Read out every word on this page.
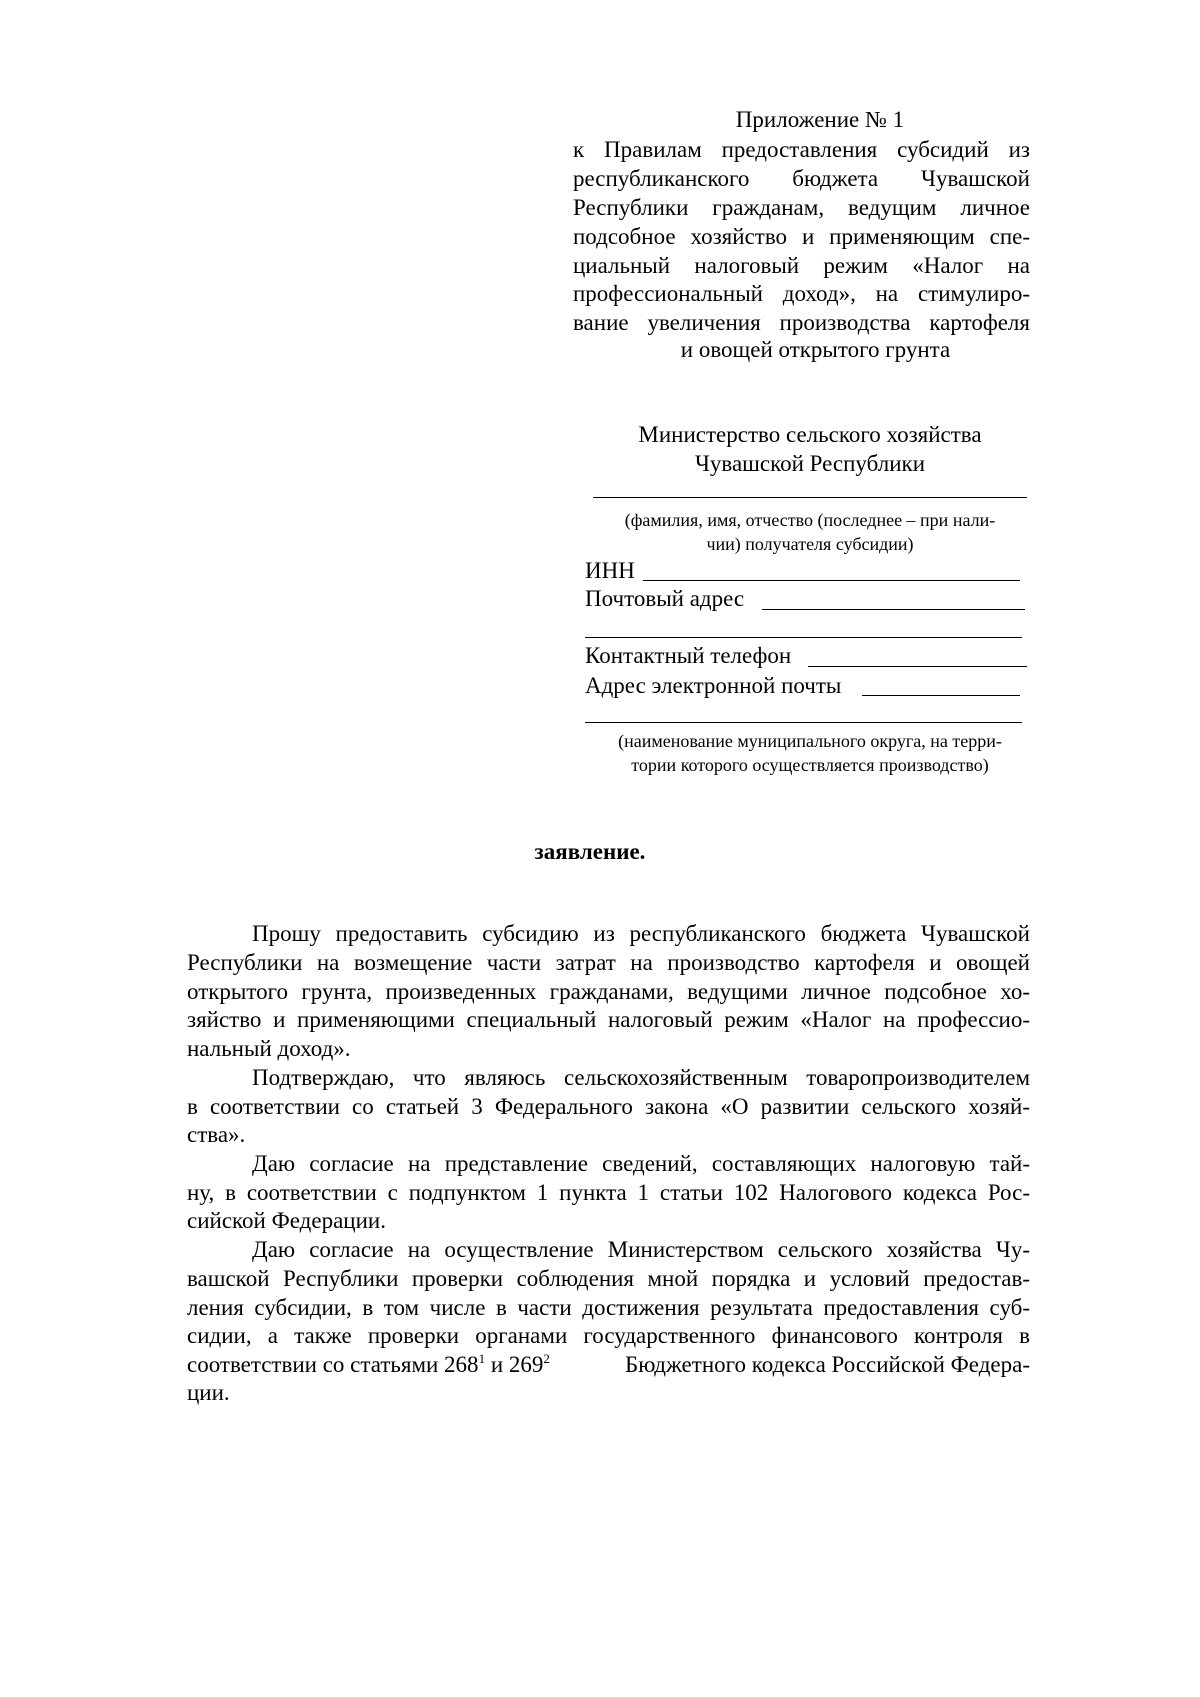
Приложение № 1
к Правилам предоставления субсидий из
республиканского бюджета Чувашской
Республики гражданам, ведущим личное
подсобное хозяйство и применяющим спе-
циальный налоговый режим «Налог на
профессиональный доход», на стимулиро-
вание увеличения производства картофеля
и овощей открытого грунта
Министерство сельского хозяйства
Чувашской Республики
(фамилия, имя, отчество (последнее – при нали-
чии) получателя субсидии)
ИНН
Почтовый адрес
Контактный телефон
Адрес электронной почты
(наименование муниципального округа, на терри-
тории которого осуществляется производство)
заявление.
Прошу предоставить субсидию из республиканского бюджета Чувашской
Республики на возмещение части затрат на производство картофеля и овощей
открытого грунта, произведенных гражданами, ведущими личное подсобное хо-
зяйство и применяющими специальный налоговый режим «Налог на профессио-
нальный доход».
Подтверждаю, что являюсь сельскохозяйственным товаропроизводителем
в соответствии со статьей 3 Федерального закона «О развитии сельского хозяй-
ства».
Даю согласие на представление сведений, составляющих налоговую тай-
ну, в соответствии с подпунктом 1 пункта 1 статьи 102 Налогового кодекса Рос-
сийской Федерации.
Даю согласие на осуществление Министерством сельского хозяйства Чу-
вашской Республики проверки соблюдения мной порядка и условий предостав-
ления субсидии, в том числе в части достижения результата предоставления суб-
сидии, а также проверки органами государственного финансового контроля в
соответствии со статьями $268^1$ и $269^2$	Бюджетного кодекса Российской Федера-
ции.
